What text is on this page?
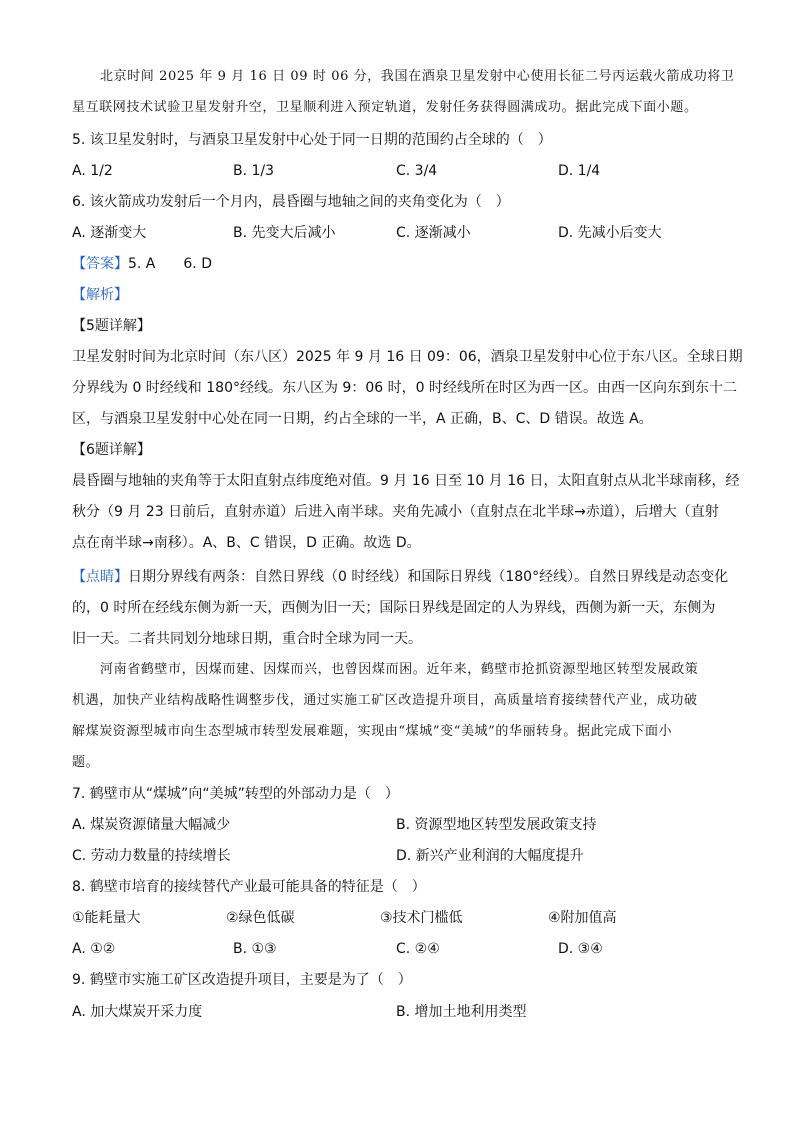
北京时间 2025 年 9 月 16 日 09 时 06 分，我国在酒泉卫星发射中心使用长征二号丙运载火箭成功将卫
星互联网技术试验卫星发射升空，卫星顺利进入预定轨道，发射任务获得圆满成功。据此完成下面小题。
5. 该卫星发射时，与酒泉卫星发射中心处于同一日期的范围约占全球的（　）
A. 1/2	B. 1/3	C. 3/4	D. 1/4
6. 该火箭成功发射后一个月内，晨昏圈与地轴之间的夹角变化为（　）
A. 逐渐变大	B. 先变大后减小	C. 逐渐减小	D. 先减小后变大
【答案】5. A　　6. D
【解析】
【5题详解】
卫星发射时间为北京时间（东八区）2025 年 9 月 16 日 09：06，酒泉卫星发射中心位于东八区。全球日期
分界线为 0 时经线和 180°经线。东八区为 9：06 时，0 时经线所在时区为西一区。由西一区向东到东十二
区，与酒泉卫星发射中心处在同一日期，约占全球的一半，A 正确，B、C、D 错误。故选 A。
【6题详解】
晨昏圈与地轴的夹角等于太阳直射点纬度绝对值。9 月 16 日至 10 月 16 日，太阳直射点从北半球南移，经
秋分（9 月 23 日前后，直射赤道）后进入南半球。夹角先减小（直射点在北半球→赤道），后增大（直射
点在南半球→南移）。A、B、C 错误，D 正确。故选 D。
【点睛】日期分界线有两条：自然日界线（0 时经线）和国际日界线（180°经线）。自然日界线是动态变化
的，0 时所在经线东侧为新一天，西侧为旧一天；国际日界线是固定的人为界线，西侧为新一天，东侧为
旧一天。二者共同划分地球日期，重合时全球为同一天。
河南省鹤壁市，因煤而建、因煤而兴，也曾因煤而困。近年来，鹤壁市抢抓资源型地区转型发展政策
机遇，加快产业结构战略性调整步伐，通过实施工矿区改造提升项目，高质量培育接续替代产业，成功破
解煤炭资源型城市向生态型城市转型发展难题，实现由“煤城”变“美城”的华丽转身。据此完成下面小
题。
7. 鹤壁市从“煤城”向“美城”转型的外部动力是（　）
A. 煤炭资源储量大幅减少	B. 资源型地区转型发展政策支持
C. 劳动力数量的持续增长	D. 新兴产业利润的大幅度提升
8. 鹤壁市培育的接续替代产业最可能具备的特征是（　）
①能耗量大	②绿色低碳	③技术门槛低	④附加值高
A. ①②	B. ①③	C. ②④	D. ③④
9. 鹤壁市实施工矿区改造提升项目，主要是为了（　）
A. 加大煤炭开采力度	B. 增加土地利用类型
